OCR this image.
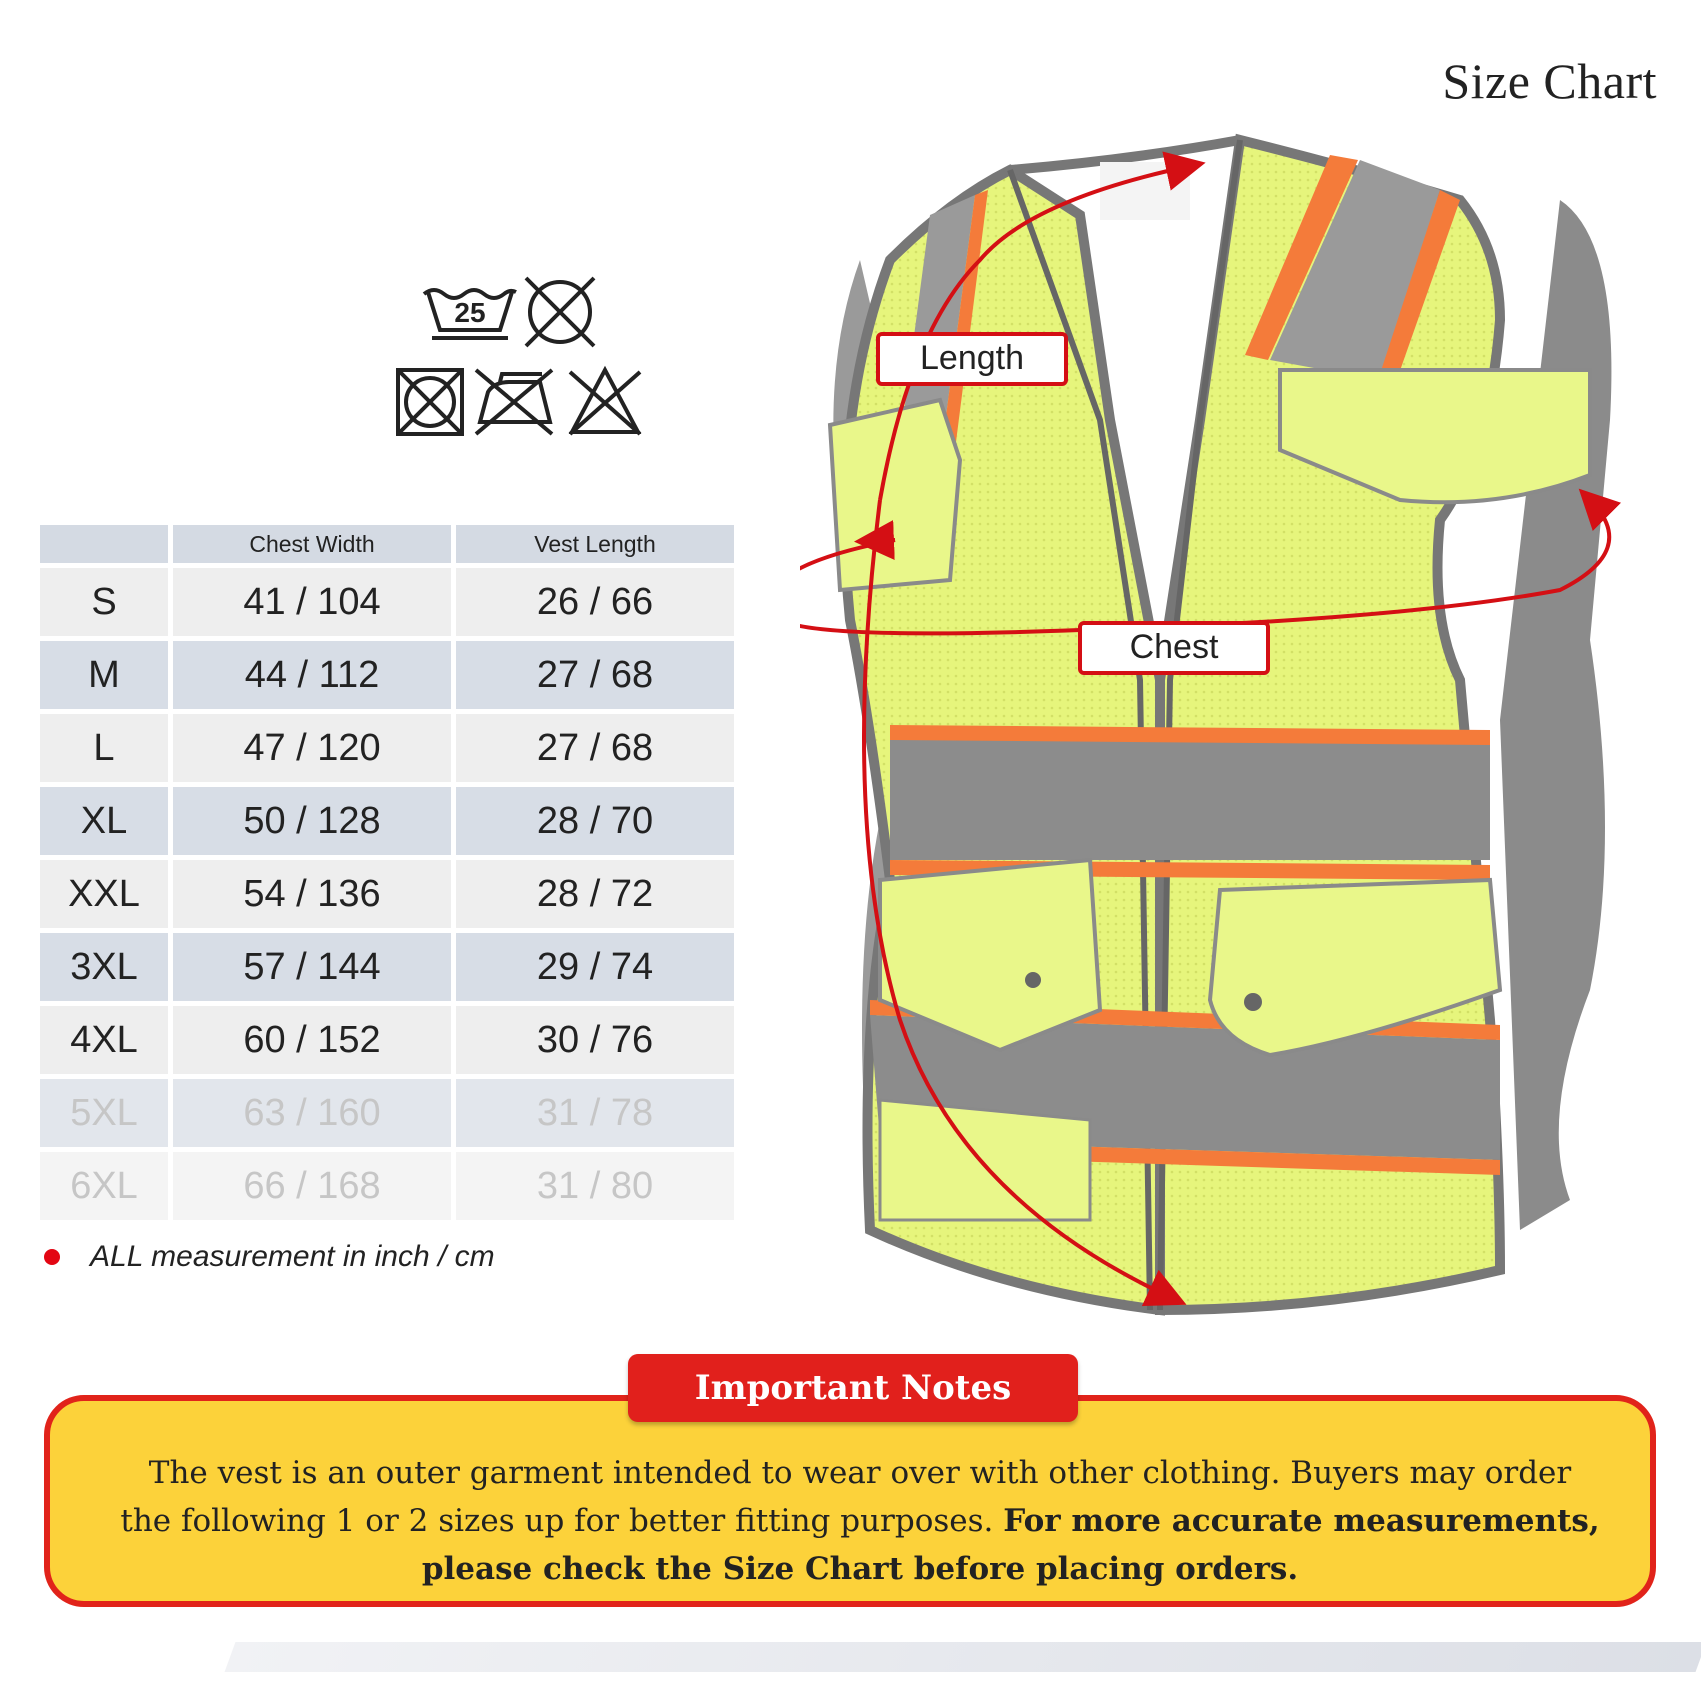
Size Chart
25
	Chest Width	Vest Length
S	41 / 104	26 / 66
M	44 / 112	27 / 68
L	47 / 120	27 / 68
XL	50 / 128	28 / 70
XXL	54 / 136	28 / 72
3XL	57 / 144	29 / 74
4XL	60 / 152	30 / 76
5XL	63 / 160	31 / 78
6XL	66 / 168	31 / 80
ALL measurement in inch / cm
Length
Chest
The vest is an outer garment intended to wear over with other clothing. Buyers may order the following 1 or 2 sizes up for better fitting purposes. For more accurate measurements, please check the Size Chart before placing orders.
Important Notes
